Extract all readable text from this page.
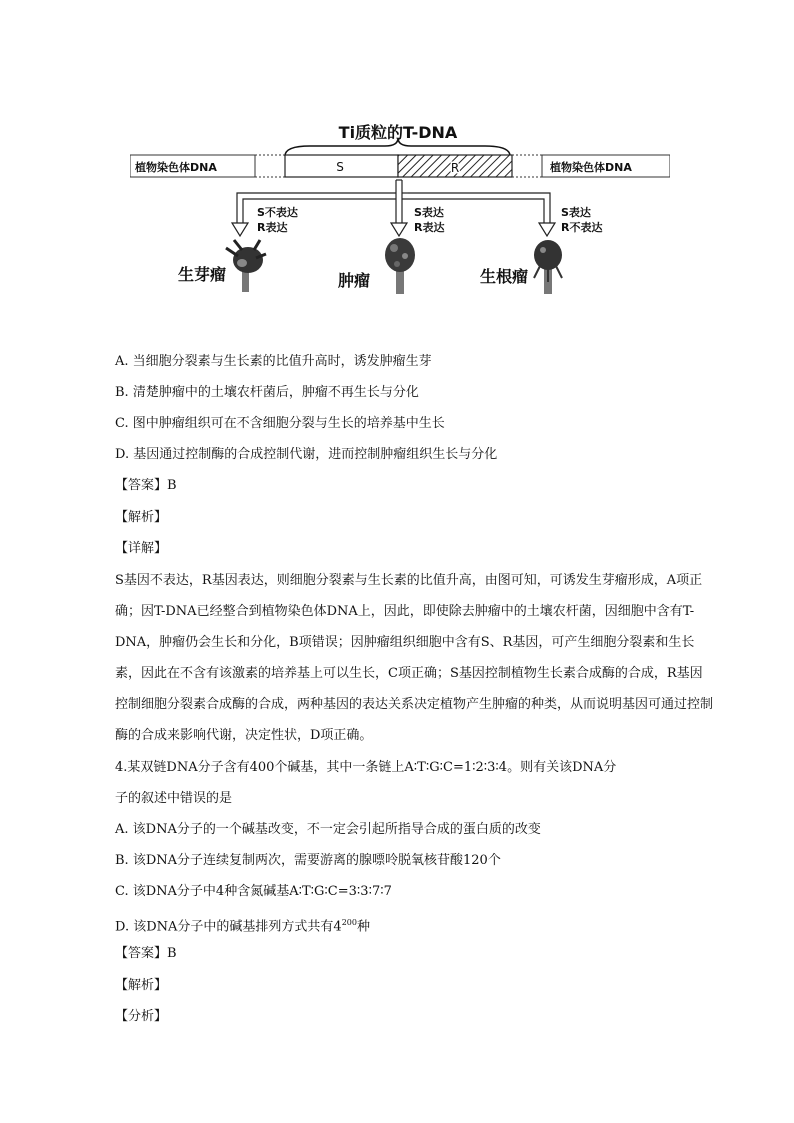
Ti质粒的T-DNA
植物染色体DNA	S	R	植物染色体DNA
S不表达
R表达
S表达
R表达
S表达
R不表达
生芽瘤	肿瘤	生根瘤
A. 当细胞分裂素与生长素的比值升高时，诱发肿瘤生芽
B. 清楚肿瘤中的土壤农杆菌后，肿瘤不再生长与分化
C. 图中肿瘤组织可在不含细胞分裂与生长的培养基中生长
D. 基因通过控制酶的合成控制代谢，进而控制肿瘤组织生长与分化
【答案】B
【解析】
【详解】
S基因不表达，R基因表达，则细胞分裂素与生长素的比值升高，由图可知，可诱发生芽瘤形成，A项正确；因T-DNA已经整合到植物染色体DNA上，因此，即使除去肿瘤中的土壤农杆菌，因细胞中含有T-DNA，肿瘤仍会生长和分化，B项错误；因肿瘤组织细胞中含有S、R基因，可产生细胞分裂素和生长素，因此在不含有该激素的培养基上可以生长，C项正确；S基因控制植物生长素合成酶的合成，R基因控制细胞分裂素合成酶的合成，两种基因的表达关系决定植物产生肿瘤的种类，从而说明基因可通过控制酶的合成来影响代谢，决定性状，D项正确。
4.某双链DNA分子含有400个碱基，其中一条链上A∶T∶G∶C=1∶2∶3∶4。则有关该DNA分
子的叙述中错误的是
A. 该DNA分子的一个碱基改变，不一定会引起所指导合成的蛋白质的改变
B. 该DNA分子连续复制两次，需要游离的腺嘌呤脱氧核苷酸120个
C. 该DNA分子中4种含氮碱基A∶T∶G∶C=3∶3∶7∶7
D. 该DNA分子中的碱基排列方式共有$4^{200}$种
【答案】B
【解析】
【分析】
